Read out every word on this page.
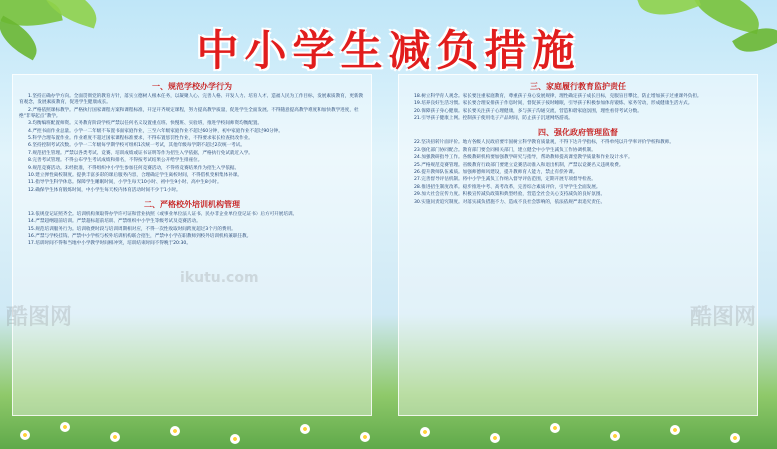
中小学生减负措施
一、规范学校办学行为

1.坚持正确办学方向。全面贯彻党的教育方针，落实立德树人根本任务，以凝聚人心、完善人格、开发人力、培育人才、造福人民为工作目标，发展素质教育，更新教育观念，发展素质教育，促进学生健康成长。

2.严格依照课标教学。严格执行国家课程方案和课程标准，开足开齐规定课程，努力提高教学质量，促进学生全面发展。不得随意提高教学难度和加快教学进度，杜绝“非零起点”教学。

3.均衡编班配置师资。义务教育阶段学校严禁以任何名义设置重点班、快慢班、实验班，推进学校间师资均衡配置。

4.严控书面作业总量。小学一二年级不布置书面家庭作业，三至六年级家庭作业不超过60分钟，初中家庭作业不超过90分钟。

5.科学合理布置作业。作业难度不超过国家课程标准要求，不得布置惩罚性作业，不得要求家长检查批改作业。

6.坚持控制考试次数。小学一二年级每学期学校可组织1次统一考试，其他年级每学期不超过2次统一考试。

7.规范招生管理。严禁以各类考试、竞赛、培训成绩或证书证明等作为招生入学依据，严格执行免试就近入学。

8.完善考试管理。不得公布学生考试成绩和排名，不得按考试结果公开给学生排座位。

9.规范竞赛活动。未经批准，不得组织中小学生参加任何竞赛活动，不得将竞赛结果作为招生入学依据。

10.建立弹性离校制度。提供丰富多彩的课后服务内容，合理确定学生离校时间，不得借机变相集体补课。

11.指导学生科学休息。保障学生睡眠时间，小学生每天10小时、初中生9小时、高中生8小时。

12.确保学生体育锻炼时间，中小学生每天校内体育活动时间不少于1小时。

二、严格校外培训机构管理

13.依规登记证照齐全。培训机构须取得办学许可证和营业执照（或事业单位法人证书、民办非企业单位登记证书）后方可开展培训。

14.严禁超纲超前培训。严禁超标超前培训、严禁组织中小学生等级考试及竞赛活动。

15.规范培训服务行为。培训收费时段与培训周期相对应，不得一次性收取时间跨度超过3个月的费用。

16.严禁与学校挂钩。严禁中小学校与校外培训机构联合招生，严禁中小学在职教师到校外培训机构兼职任教。

17.培训时间不得和当地中小学教学时间相冲突，培训结束时间不得晚于20:30。

三、家庭履行教育监护责任

18.树立科学育人观念。家长要注重家庭教育，尊重孩子身心发展规律，理性确定孩子成长目标，克服盲目攀比，防止增加孩子过重课外负担。

19.培养良好生活习惯。家长要合理安排孩子作息时间，督促孩子按时睡眠，引导孩子积极参加体育锻炼、家务劳动，形成健康生活方式。

20.保障孩子身心健康。家长要关注孩子心理健康，多与孩子沟通交流，营造和谐家庭氛围，理性看待考试分数。

21.引导孩子健康上网。控制孩子使用电子产品时间，防止孩子沉迷网络游戏。

四、强化政府管理监督

22.坚决扭转片面评价。地方各级人民政府要牢固树立科学教育质量观，不得下达升学指标，不得单纯以升学率评价学校和教师。

23.强化部门协同配合。教育部门要会同相关部门，建立健全中小学生减负工作协调机制。

24.加强教研指导工作。各级教研机构要加强教学研究与指导，帮助教师提高课堂教学质量和作业设计水平。

25.严格规范竞赛管理。省级教育行政部门要建立竞赛活动准入和退出机制，严禁以竞赛名义违规收费。

26.提升教师队伍素质。加强师德师风建设，提升教师育人能力，禁止有偿补课。

27.完善督导评估机制。将中小学生减负工作纳入督导评估范围，定期开展专项督导检查。

28.推进招生制度改革。稳步推进中考、高考改革，完善综合素质评价，引导学生全面发展。

29.加大社会宣传力度。积极宣传减负政策和典型经验，营造全社会关心支持减负的良好氛围。

30.实施问责追究制度。对落实减负措施不力、造成不良社会影响的，依法依规严肃追究责任。

酷图网
ikutu.com
酷图网
